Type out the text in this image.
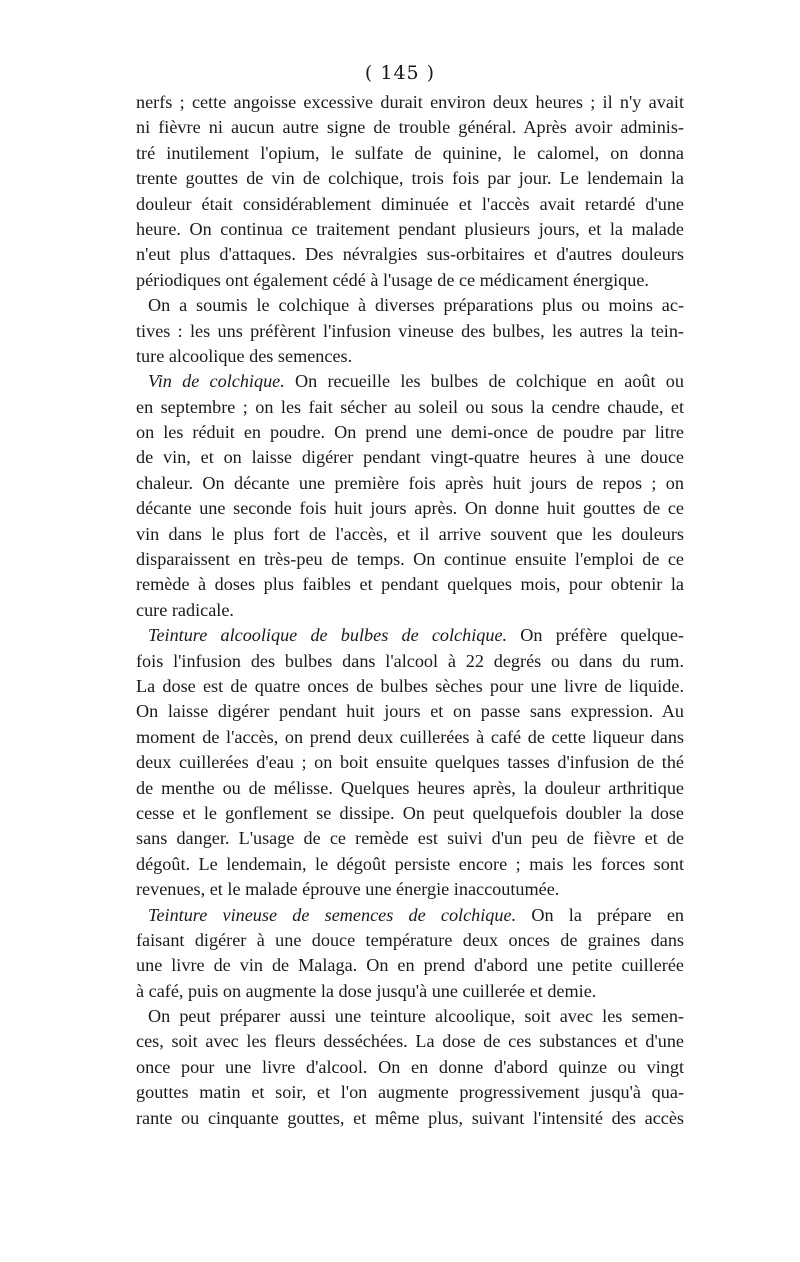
( 145 )
nerfs ; cette angoisse excessive durait environ deux heures ; il n'y avait
ni fièvre ni aucun autre signe de trouble général. Après avoir adminis-
tré inutilement l'opium, le sulfate de quinine, le calomel, on donna
trente gouttes de vin de colchique, trois fois par jour. Le lendemain la
douleur était considérablement diminuée et l'accès avait retardé d'une
heure. On continua ce traitement pendant plusieurs jours, et la malade
n'eut plus d'attaques. Des névralgies sus-orbitaires et d'autres douleurs
périodiques ont également cédé à l'usage de ce médicament énergique.
On a soumis le colchique à diverses préparations plus ou moins ac-
tives : les uns préfèrent l'infusion vineuse des bulbes, les autres la tein-
ture alcoolique des semences.
Vin de colchique. On recueille les bulbes de colchique en août ou
en septembre ; on les fait sécher au soleil ou sous la cendre chaude, et
on les réduit en poudre. On prend une demi-once de poudre par litre
de vin, et on laisse digérer pendant vingt-quatre heures à une douce
chaleur. On décante une première fois après huit jours de repos ; on
décante une seconde fois huit jours après. On donne huit gouttes de ce
vin dans le plus fort de l'accès, et il arrive souvent que les douleurs
disparaissent en très-peu de temps. On continue ensuite l'emploi de ce
remède à doses plus faibles et pendant quelques mois, pour obtenir la
cure radicale.
Teinture alcoolique de bulbes de colchique. On préfère quelque-
fois l'infusion des bulbes dans l'alcool à 22 degrés ou dans du rum.
La dose est de quatre onces de bulbes sèches pour une livre de liquide.
On laisse digérer pendant huit jours et on passe sans expression. Au
moment de l'accès, on prend deux cuillerées à café de cette liqueur dans
deux cuillerées d'eau ; on boit ensuite quelques tasses d'infusion de thé
de menthe ou de mélisse. Quelques heures après, la douleur arthritique
cesse et le gonflement se dissipe. On peut quelquefois doubler la dose
sans danger. L'usage de ce remède est suivi d'un peu de fièvre et de
dégoût. Le lendemain, le dégoût persiste encore ; mais les forces sont
revenues, et le malade éprouve une énergie inaccoutumée.
Teinture vineuse de semences de colchique. On la prépare en
faisant digérer à une douce température deux onces de graines dans
une livre de vin de Malaga. On en prend d'abord une petite cuillerée
à café, puis on augmente la dose jusqu'à une cuillerée et demie.
On peut préparer aussi une teinture alcoolique, soit avec les semen-
ces, soit avec les fleurs desséchées. La dose de ces substances et d'une
once pour une livre d'alcool. On en donne d'abord quinze ou vingt
gouttes matin et soir, et l'on augmente progressivement jusqu'à qua-
rante ou cinquante gouttes, et même plus, suivant l'intensité des accès
